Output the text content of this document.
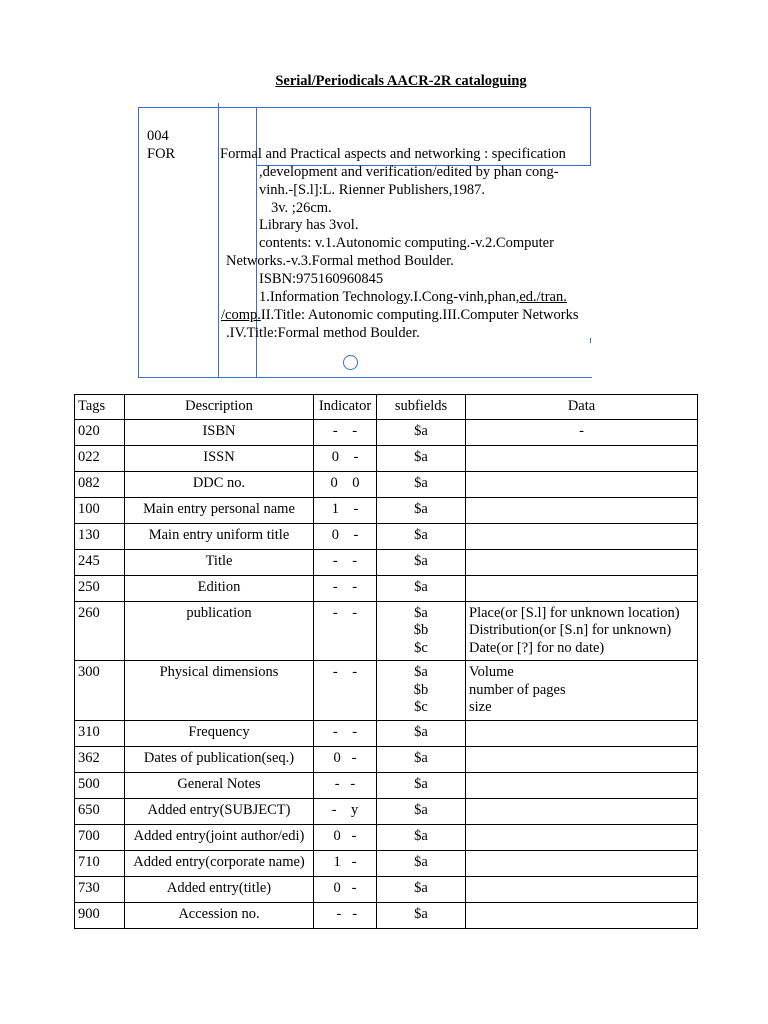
Serial/Periodicals AACR-2R cataloguing
004
FOR	Formal and Practical aspects and networking : specification
,development and verification/edited by phan cong-
vinh.-[S.l]:L. Rienner Publishers,1987.
3v. ;26cm.
Library has 3vol.
contents: v.1.Autonomic computing.-v.2.Computer
Networks.-v.3.Formal method Boulder.
ISBN:975160960845
1.Information Technology.I.Cong-vinh,phan,ed./tran.
/comp.II.Title: Autonomic computing.III.Computer Networks
.IV.Title:Formal method Boulder.
Tags	Description	Indicator	subfields	Data
020	ISBN	-    -	$a	-

022	ISSN	0    -	$a	

082	DDC no.	0    0	$a	

100	Main entry personal name	1    -	$a	

130	Main entry uniform title	0    -	$a	

245	Title	-    -	$a	

250	Edition	-    -	$a	

260	publication	-    -	$a
$b
$c	Place(or [S.l] for unknown location)
Distribution(or [S.n] for unknown)
Date(or [?] for no date)

300	Physical dimensions	-    -	$a
$b
$c	Volume
number of pages
size

310	Frequency	-    -	$a	

362	Dates of publication(seq.)	0   -	$a	

500	General Notes	-   -	$a	

650	Added entry(SUBJECT)	-    y	$a	

700	Added entry(joint author/edi)	0   -	$a	

710	Added entry(corporate name)	1   -	$a	

730	Added entry(title)	0   -	$a	

900	Accession no.	-   -	$a	
